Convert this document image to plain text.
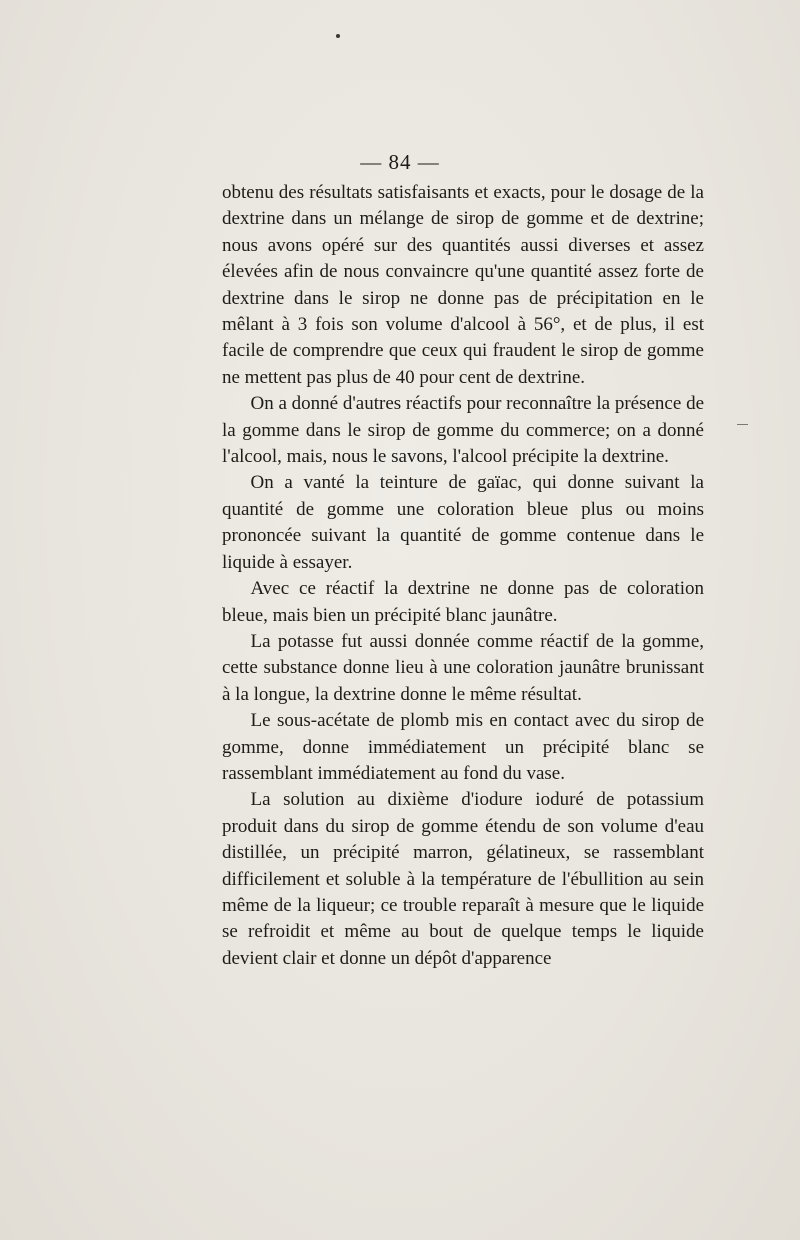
— 84 —

obtenu des résultats satisfaisants et exacts, pour le dosage de la dextrine dans un mélange de sirop de gomme et de dextrine; nous avons opéré sur des quantités aussi diverses et assez élevées afin de nous convaincre qu'une quantité assez forte de dextrine dans le sirop ne donne pas de précipitation en le mêlant à 3 fois son volume d'alcool à 56°, et de plus, il est facile de comprendre que ceux qui fraudent le sirop de gomme ne mettent pas plus de 40 pour cent de dextrine.

On a donné d'autres réactifs pour reconnaître la présence de la gomme dans le sirop de gomme du commerce; on a donné l'alcool, mais, nous le savons, l'alcool précipite la dextrine.

On a vanté la teinture de gaïac, qui donne suivant la quantité de gomme une coloration bleue plus ou moins prononcée suivant la quantité de gomme contenue dans le liquide à essayer.

Avec ce réactif la dextrine ne donne pas de coloration bleue, mais bien un précipité blanc jaunâtre.

La potasse fut aussi donnée comme réactif de la gomme, cette substance donne lieu à une coloration jaunâtre brunissant à la longue, la dextrine donne le même résultat.

Le sous-acétate de plomb mis en contact avec du sirop de gomme, donne immédiatement un précipité blanc se rassemblant immédiatement au fond du vase.

La solution au dixième d'iodure ioduré de potassium produit dans du sirop de gomme étendu de son volume d'eau distillée, un précipité marron, gélatineux, se rassemblant difficilement et soluble à la température de l'ébullition au sein même de la liqueur; ce trouble reparaît à mesure que le liquide se refroidit et même au bout de quelque temps le liquide devient clair et donne un dépôt d'apparence
